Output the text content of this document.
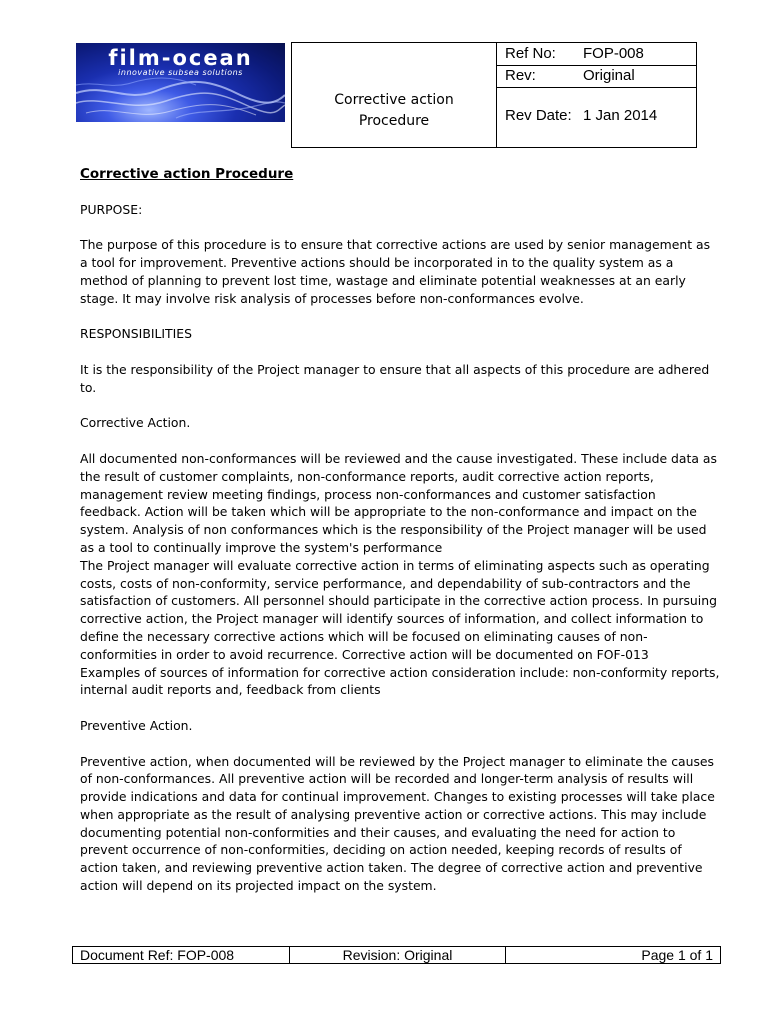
film-ocean
innovative subsea solutions
Corrective action
Procedure
Ref No: FOP-008
Rev:	Original
Rev Date: 1 Jan 2014

Corrective action Procedure

PURPOSE:

The purpose of this procedure is to ensure that corrective actions are used by senior management as a tool for improvement. Preventive actions should be incorporated in to the quality system as a method of planning to prevent lost time, wastage and eliminate potential weaknesses at an early stage. It may involve risk analysis of processes before non-conformances evolve.

RESPONSIBILITIES

It is the responsibility of the Project manager to ensure that all aspects of this procedure are adhered to.

Corrective Action.

All documented non-conformances will be reviewed and the cause investigated. These include data as the result of customer complaints, non-conformance reports, audit corrective action reports, management review meeting findings, process non-conformances and customer satisfaction feedback. Action will be taken which will be appropriate to the non-conformance and impact on the system. Analysis of non conformances which is the responsibility of the Project manager will be used as a tool to continually improve the system's performance

The Project manager will evaluate corrective action in terms of eliminating aspects such as operating costs, costs of non-conformity, service performance, and dependability of sub-contractors and the satisfaction of customers. All personnel should participate in the corrective action process. In pursuing corrective action, the Project manager will identify sources of information, and collect information to define the necessary corrective actions which will be focused on eliminating causes of non-conformities in order to avoid recurrence. Corrective action will be documented on FOF-013

Examples of sources of information for corrective action consideration include: non-conformity reports, internal audit reports and, feedback from clients

Preventive Action.

Preventive action, when documented will be reviewed by the Project manager to eliminate the causes of non-conformances. All preventive action will be recorded and longer-term analysis of results will provide indications and data for continual improvement. Changes to existing processes will take place when appropriate as the result of analysing preventive action or corrective actions. This may include documenting potential non-conformities and their causes, and evaluating the need for action to prevent occurrence of non-conformities, deciding on action needed, keeping records of results of action taken, and reviewing preventive action taken. The degree of corrective action and preventive action will depend on its projected impact on the system.

Document Ref: FOP-008	Revision: Original	Page 1 of 1
